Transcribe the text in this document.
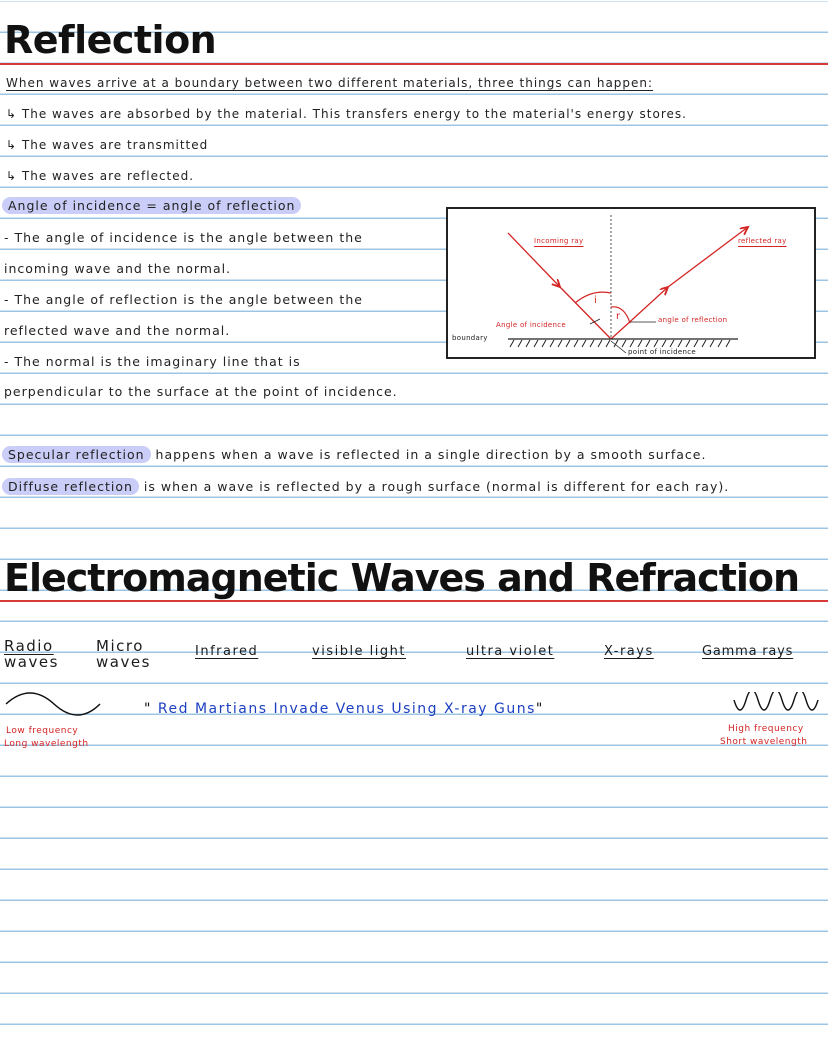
Reflection
When waves arrive at a boundary between two different materials, three things can happen:
↳ The waves are absorbed by the material. This transfers energy to the material's energy stores.
↳ The waves are transmitted
↳ The waves are reflected.
Angle of incidence = angle of reflection
- The angle of incidence is the angle between the
incoming wave and the normal.
- The angle of reflection is the angle between the
reflected wave and the normal.
- The normal is the imaginary line that is
perpendicular to the surface at the point of incidence.
Incoming ray	reflected ray
i
r
Angle of incidence
angle of reflection
boundary
point of incidence
Specular reflection happens when a wave is reflected in a single direction by a smooth surface.
Diffuse reflection is when a wave is reflected by a rough surface (normal is different for each ray).
Electromagnetic Waves and Refraction
Radio
waves
Micro
waves
Infrared	visible light	ultra violet	X-rays	Gamma rays
Low frequency
Long wavelength
" Red Martians Invade Venus Using X-ray Guns"
High frequency
Short wavelength
